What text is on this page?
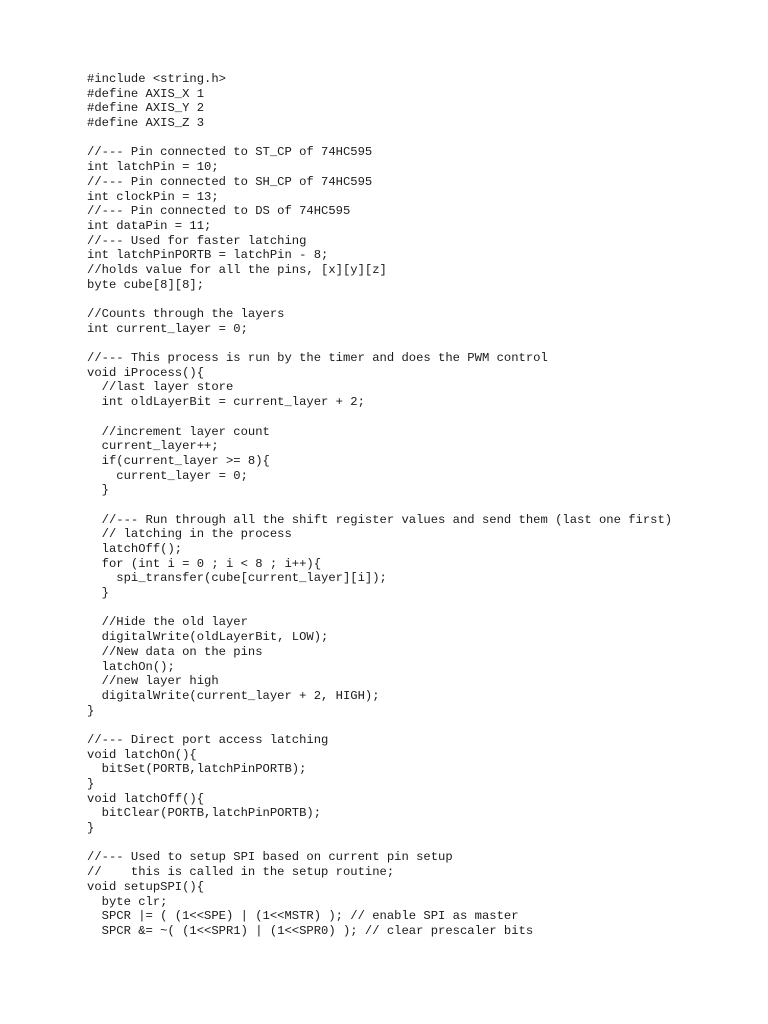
#include <string.h>
#define AXIS_X 1
#define AXIS_Y 2
#define AXIS_Z 3
//--- Pin connected to ST_CP of 74HC595
int latchPin = 10;
//--- Pin connected to SH_CP of 74HC595
int clockPin = 13;
//--- Pin connected to DS of 74HC595
int dataPin = 11;
//--- Used for faster latching
int latchPinPORTB = latchPin - 8;
//holds value for all the pins, [x][y][z]
byte cube[8][8];
//Counts through the layers
int current_layer = 0;
//--- This process is run by the timer and does the PWM control
void iProcess(){
//last layer store
int oldLayerBit = current_layer + 2;
//increment layer count
current_layer++;
if(current_layer >= 8){
current_layer = 0;
}
//--- Run through all the shift register values and send them (last one first)
// latching in the process
latchOff();
for (int i = 0 ; i < 8 ; i++){
spi_transfer(cube[current_layer][i]);
}
//Hide the old layer
digitalWrite(oldLayerBit, LOW);
//New data on the pins
latchOn();
//new layer high
digitalWrite(current_layer + 2, HIGH);
}
//--- Direct port access latching
void latchOn(){
bitSet(PORTB,latchPinPORTB);
}
void latchOff(){
bitClear(PORTB,latchPinPORTB);
}
//--- Used to setup SPI based on current pin setup
//    this is called in the setup routine;
void setupSPI(){
byte clr;
SPCR |= ( (1<<SPE) | (1<<MSTR) ); // enable SPI as master
SPCR &= ~( (1<<SPR1) | (1<<SPR0) ); // clear prescaler bits
